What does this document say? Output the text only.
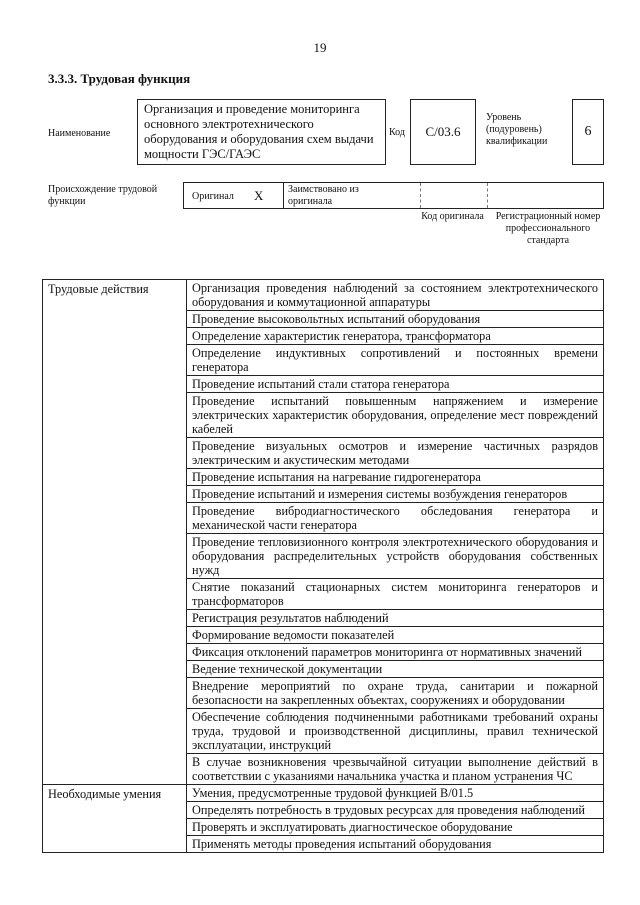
19
3.3.3. Трудовая функция
Наименование
Организация и проведение мониторинга основного электротехнического оборудования и оборудования схем выдачи мощности ГЭС/ГАЭС
Код	С/03.6
Уровень (подуровень) квалификации
6
Происхождение трудовой функции	Оригинал X Заимствовано из оригинала
Код оригинала	Регистрационный номер профессионального стандарта
Трудовые действия	Организация проведения наблюдений за состоянием электротехнического оборудования и коммутационной аппаратуры
	Проведение высоковольтных испытаний оборудования
	Определение характеристик генератора, трансформатора
	Определение индуктивных сопротивлений и постоянных времени генератора
	Проведение испытаний стали статора генератора
	Проведение испытаний повышенным напряжением и измерение электрических характеристик оборудования, определение мест повреждений кабелей
	Проведение визуальных осмотров и измерение частичных разрядов электрическим и акустическим методами
	Проведение испытания на нагревание гидрогенератора
	Проведение испытаний и измерения системы возбуждения генераторов
	Проведение вибродиагностического обследования генератора и механической части генератора
	Проведение тепловизионного контроля электротехнического оборудования и оборудования распределительных устройств оборудования собственных нужд
	Снятие показаний стационарных систем мониторинга генераторов и трансформаторов
	Регистрация результатов наблюдений
	Формирование ведомости показателей
	Фиксация отклонений параметров мониторинга от нормативных значений
	Ведение технической документации
	Внедрение мероприятий по охране труда, санитарии и пожарной безопасности на закрепленных объектах, сооружениях и оборудовании
	Обеспечение соблюдения подчиненными работниками требований охраны труда, трудовой и производственной дисциплины, правил технической эксплуатации, инструкций
	В случае возникновения чрезвычайной ситуации выполнение действий в соответствии с указаниями начальника участка и планом устранения ЧС
Необходимые умения	Умения, предусмотренные трудовой функцией В/01.5
	Определять потребность в трудовых ресурсах для проведения наблюдений
	Проверять и эксплуатировать диагностическое оборудование
	Применять методы проведения испытаний оборудования
